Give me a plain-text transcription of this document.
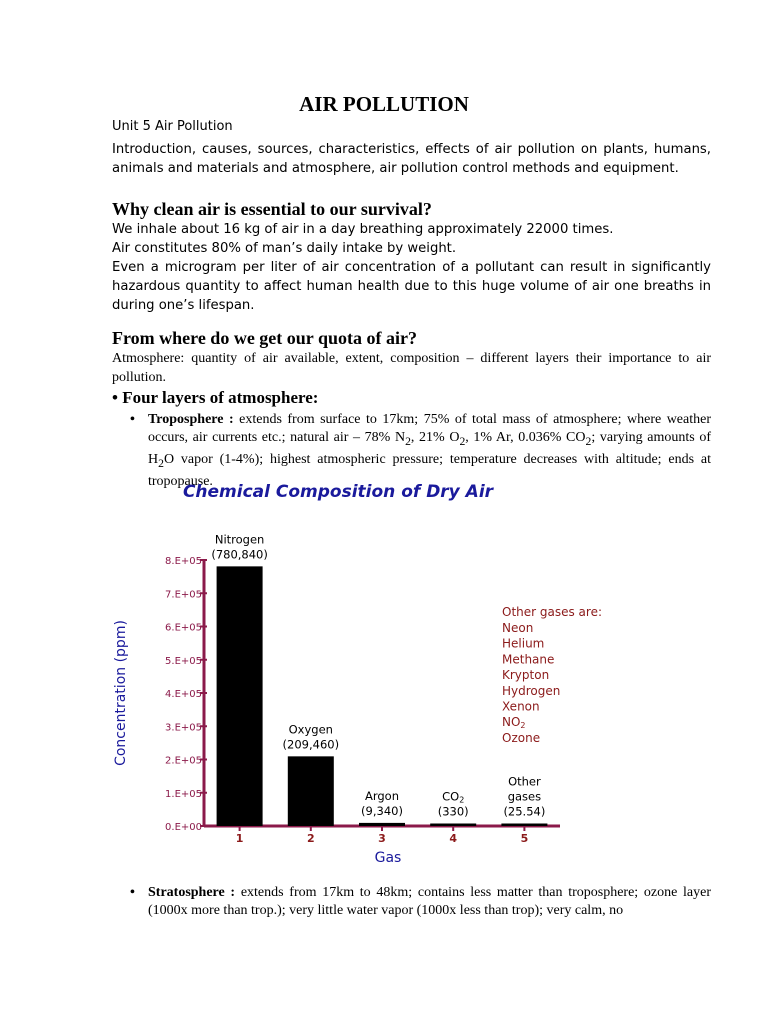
AIR POLLUTION
Unit 5 Air Pollution
Introduction, causes, sources, characteristics, effects of air pollution on plants, humans, animals and materials and atmosphere, air pollution control methods and equipment.
Why clean air is essential to our survival?
We inhale about 16 kg of air in a day breathing approximately 22000 times.
Air constitutes 80% of man’s daily intake by weight.
Even a microgram per liter of air concentration of a pollutant can result in significantly hazardous quantity to affect human health due to this huge volume of air one breaths in during one’s lifespan.
From where do we get our quota of air?
Atmosphere: quantity of air available, extent, composition – different layers their importance to air pollution.
• Four layers of atmosphere:
• Troposphere : extends from surface to 17km; 75% of total mass of atmosphere; where weather occurs, air currents etc.; natural air – 78% $N_2$, 21% $O_2$, 1% Ar, 0.036% $CO_2$; varying amounts of $H_2O$ vapor (1-4%); highest atmospheric pressure; temperature decreases with altitude; ends at tropopause.
Chemical Composition of Dry Air
Concentration (ppm)
Gas
0.E+00
1.E+05
2.E+05
3.E+05
4.E+05
5.E+05
6.E+05
7.E+05
8.E+05
1
Nitrogen
(780,840)
2
Oxygen
(209,460)
3
Argon
(9,340)
4
CO2
(330)
5
Other
gases
(25.54)
Other gases are:
Neon
Helium
Methane
Krypton
Hydrogen
Xenon
NO2
Ozone
• Stratosphere : extends from 17km to 48km; contains less matter than troposphere; ozone layer (1000x more than trop.); very little water vapor (1000x less than trop); very calm, no
